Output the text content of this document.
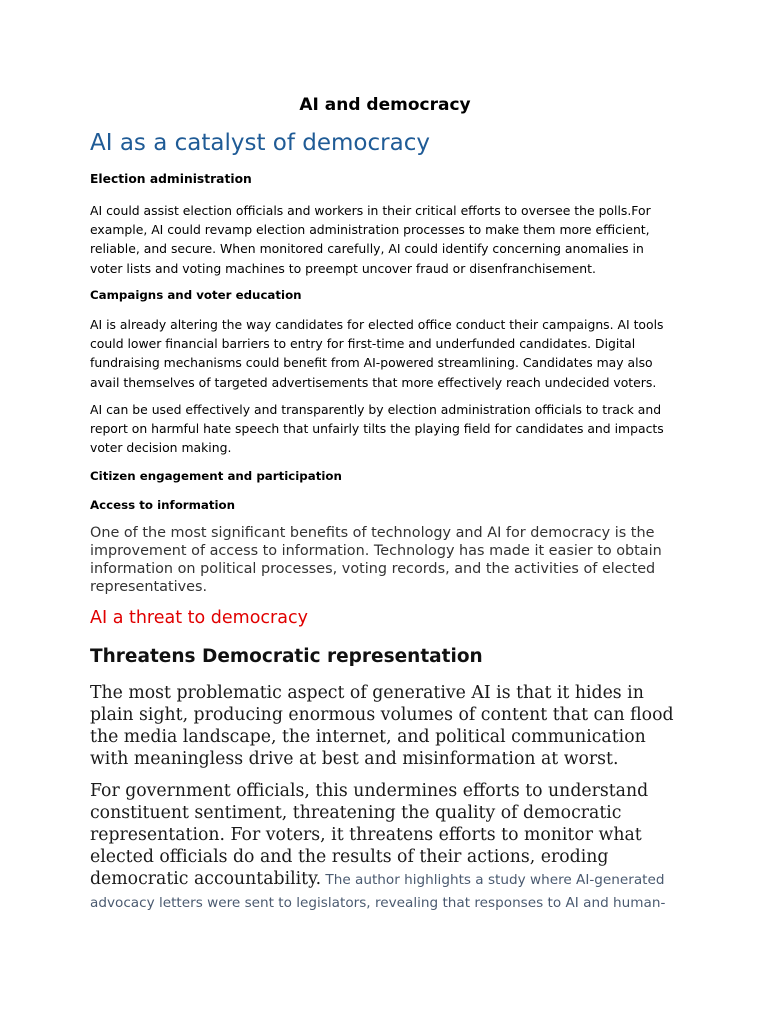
AI and democracy
AI as a catalyst of democracy
Election administration

AI could assist election officials and workers in their critical efforts to oversee the polls.For example, AI could revamp election administration processes to make them more efficient, reliable, and secure. When monitored carefully, AI could identify concerning anomalies in voter lists and voting machines to preempt uncover fraud or disenfranchisement.

Campaigns and voter education

AI is already altering the way candidates for elected office conduct their campaigns. AI tools could lower financial barriers to entry for first-time and underfunded candidates. Digital fundraising mechanisms could benefit from AI-powered streamlining. Candidates may also avail themselves of targeted advertisements that more effectively reach undecided voters.

AI can be used effectively and transparently by election administration officials to track and report on harmful hate speech that unfairly tilts the playing field for candidates and impacts voter decision making.

Citizen engagement and participation
Access to information

One of the most significant benefits of technology and AI for democracy is the improvement of access to information. Technology has made it easier to obtain information on political processes, voting records, and the activities of elected representatives.

AI a threat to democracy
Threatens Democratic representation

The most problematic aspect of generative AI is that it hides in plain sight, producing enormous volumes of content that can flood the media landscape, the internet, and political communication with meaningless drive at best and misinformation at worst.

For government officials, this undermines efforts to understand constituent sentiment, threatening the quality of democratic representation. For voters, it threatens efforts to monitor what elected officials do and the results of their actions, eroding democratic accountability. The author highlights a study where AI-generated advocacy letters were sent to legislators, revealing that responses to AI and human-
